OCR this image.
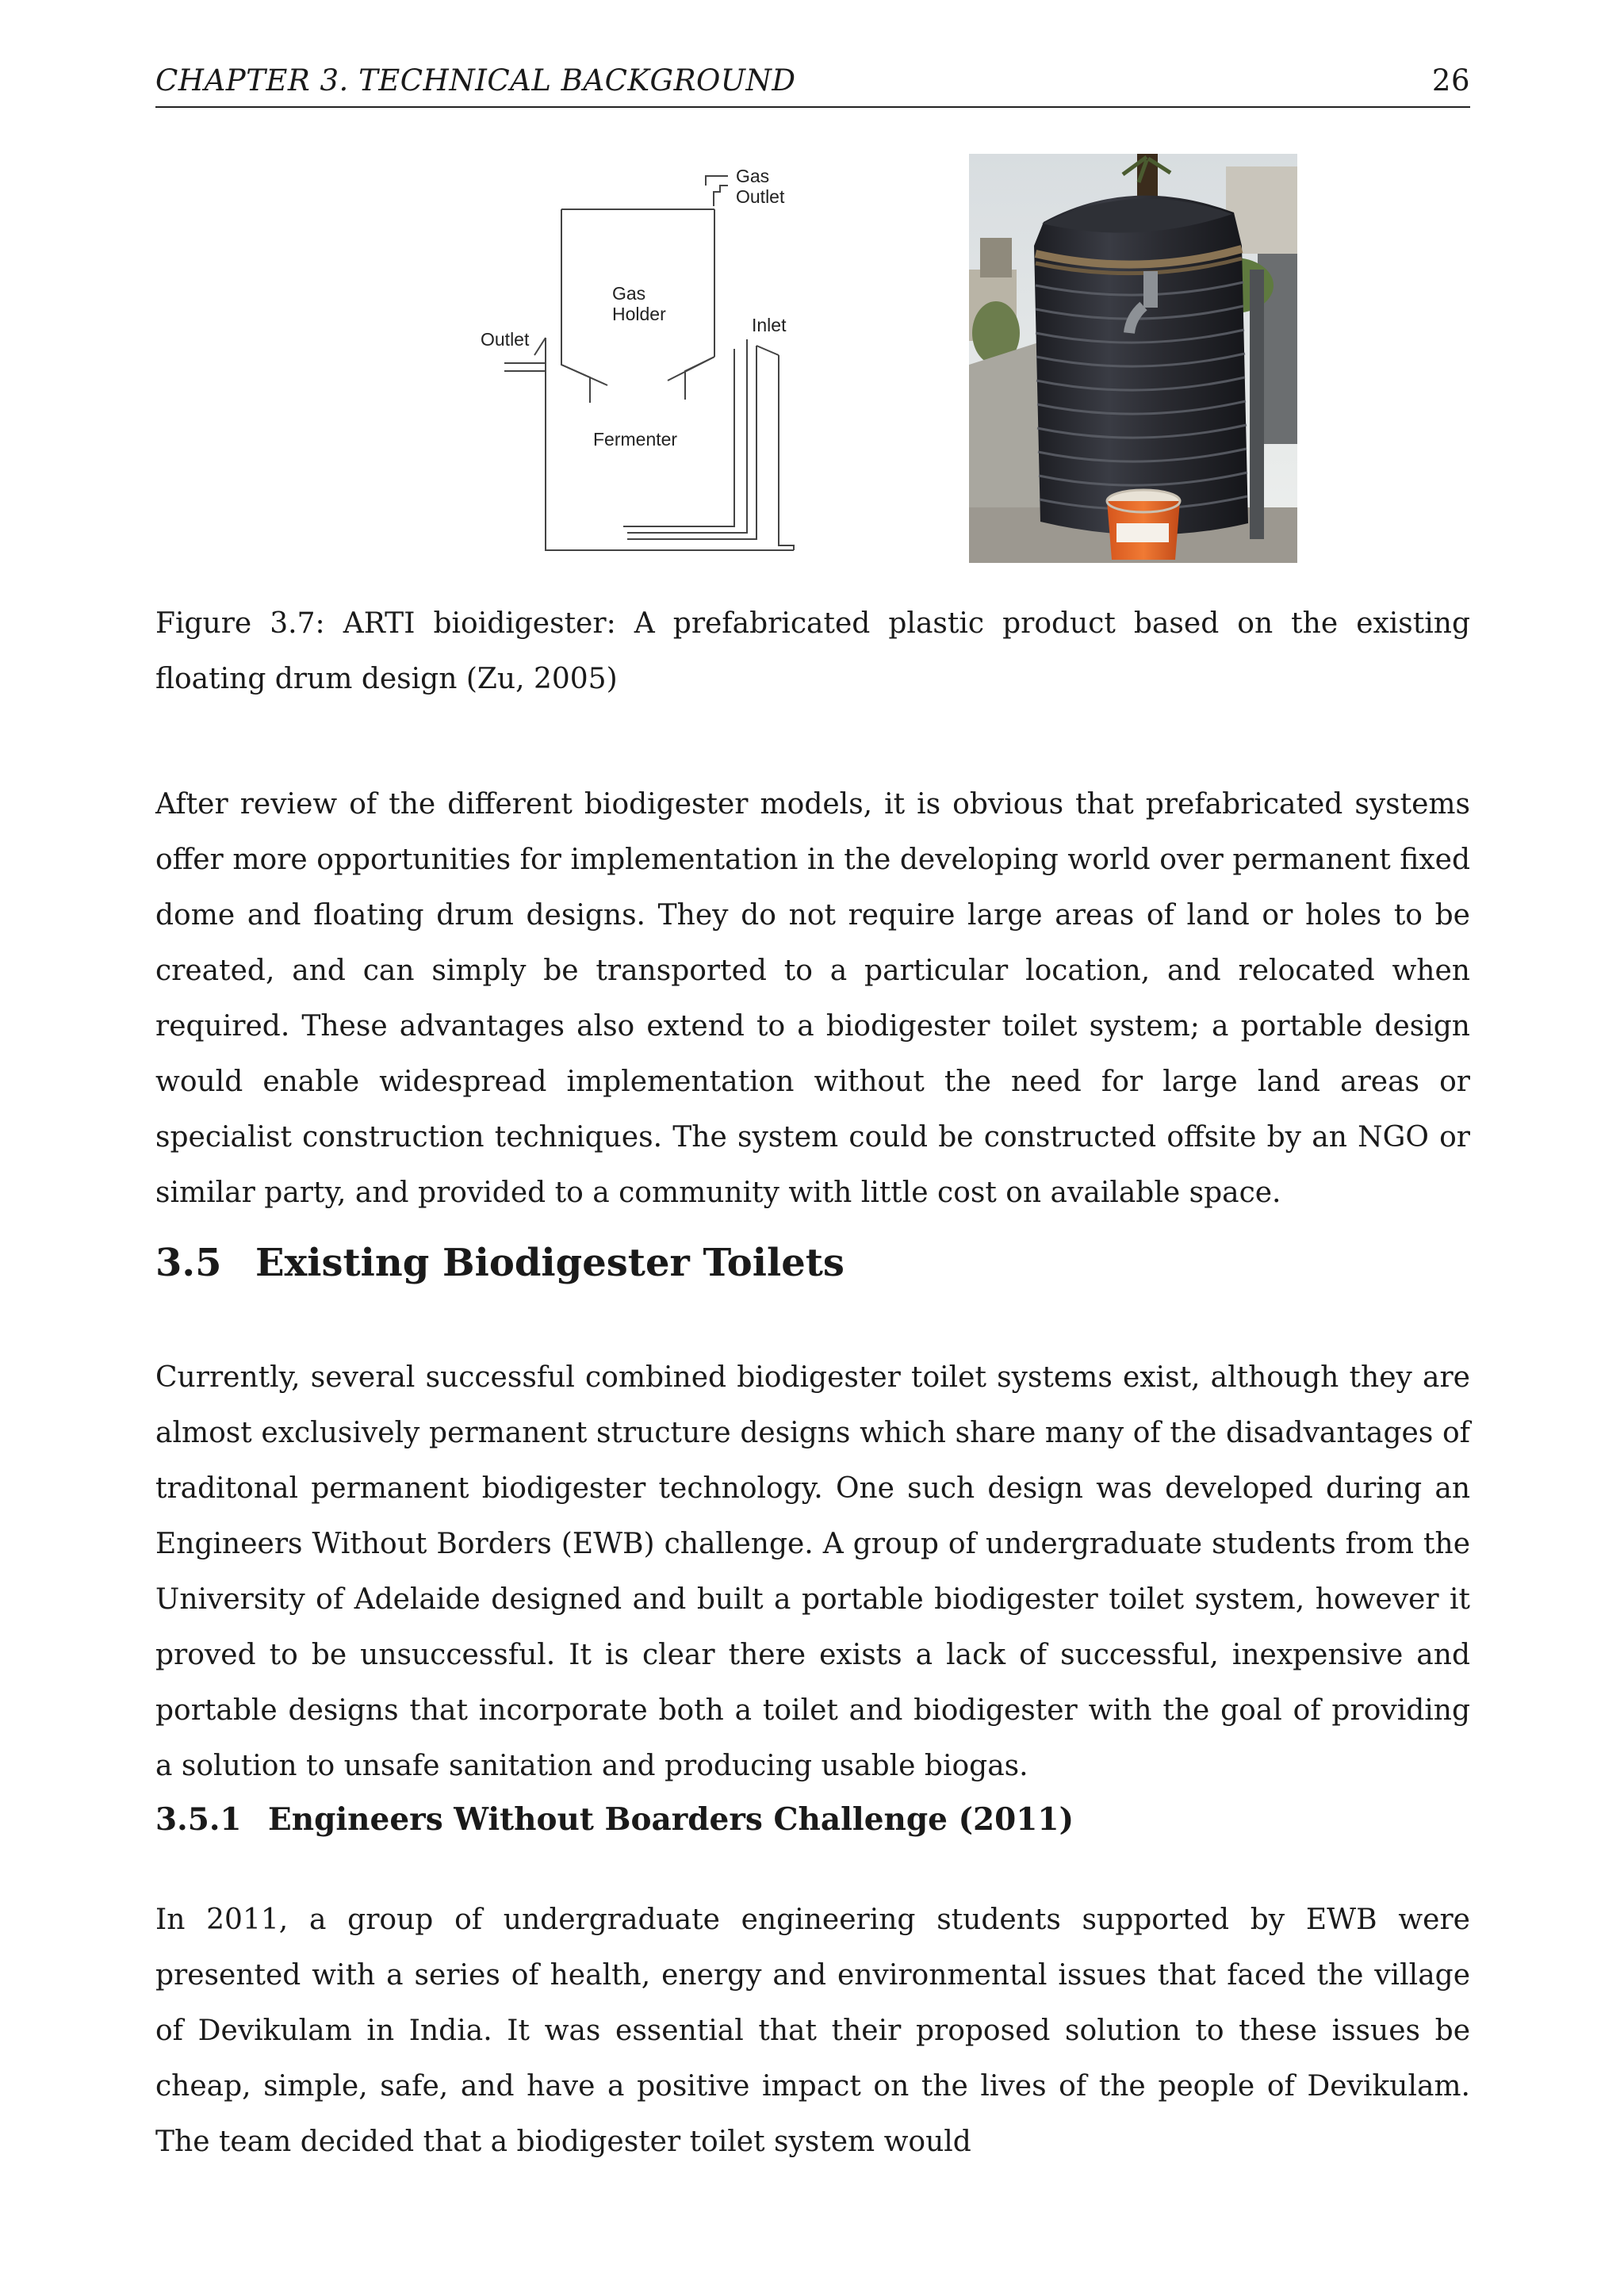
CHAPTER 3. TECHNICAL BACKGROUND	26
Gas
Outlet
Gas
Holder
Outlet
Inlet
Fermenter
Figure 3.7: ARTI bioidigester: A prefabricated plastic product based on the existing floating drum design (Zu, 2005)

After review of the different biodigester models, it is obvious that prefabricated systems offer more opportunities for implementation in the developing world over permanent fixed dome and floating drum designs. They do not require large areas of land or holes to be created, and can simply be transported to a particular location, and relocated when required. These advantages also extend to a biodigester toilet system; a portable design would enable widespread implementation without the need for large land areas or specialist construction techniques. The system could be constructed offsite by an NGO or similar party, and provided to a community with little cost on available space.

3.5 Existing Biodigester Toilets

Currently, several successful combined biodigester toilet systems exist, although they are almost exclusively permanent structure designs which share many of the disadvantages of traditonal permanent biodigester technology. One such design was developed during an Engineers Without Borders (EWB) challenge. A group of undergraduate students from the University of Adelaide designed and built a portable biodigester toilet system, however it proved to be unsuccessful. It is clear there exists a lack of successful, inexpensive and portable designs that incorporate both a toilet and biodigester with the goal of providing a solution to unsafe sanitation and producing usable biogas.

3.5.1 Engineers Without Boarders Challenge (2011)

In 2011, a group of undergraduate engineering students supported by EWB were presented with a series of health, energy and environmental issues that faced the village of Devikulam in India. It was essential that their proposed solution to these issues be cheap, simple, safe, and have a positive impact on the lives of the people of Devikulam. The team decided that a biodigester toilet system would
